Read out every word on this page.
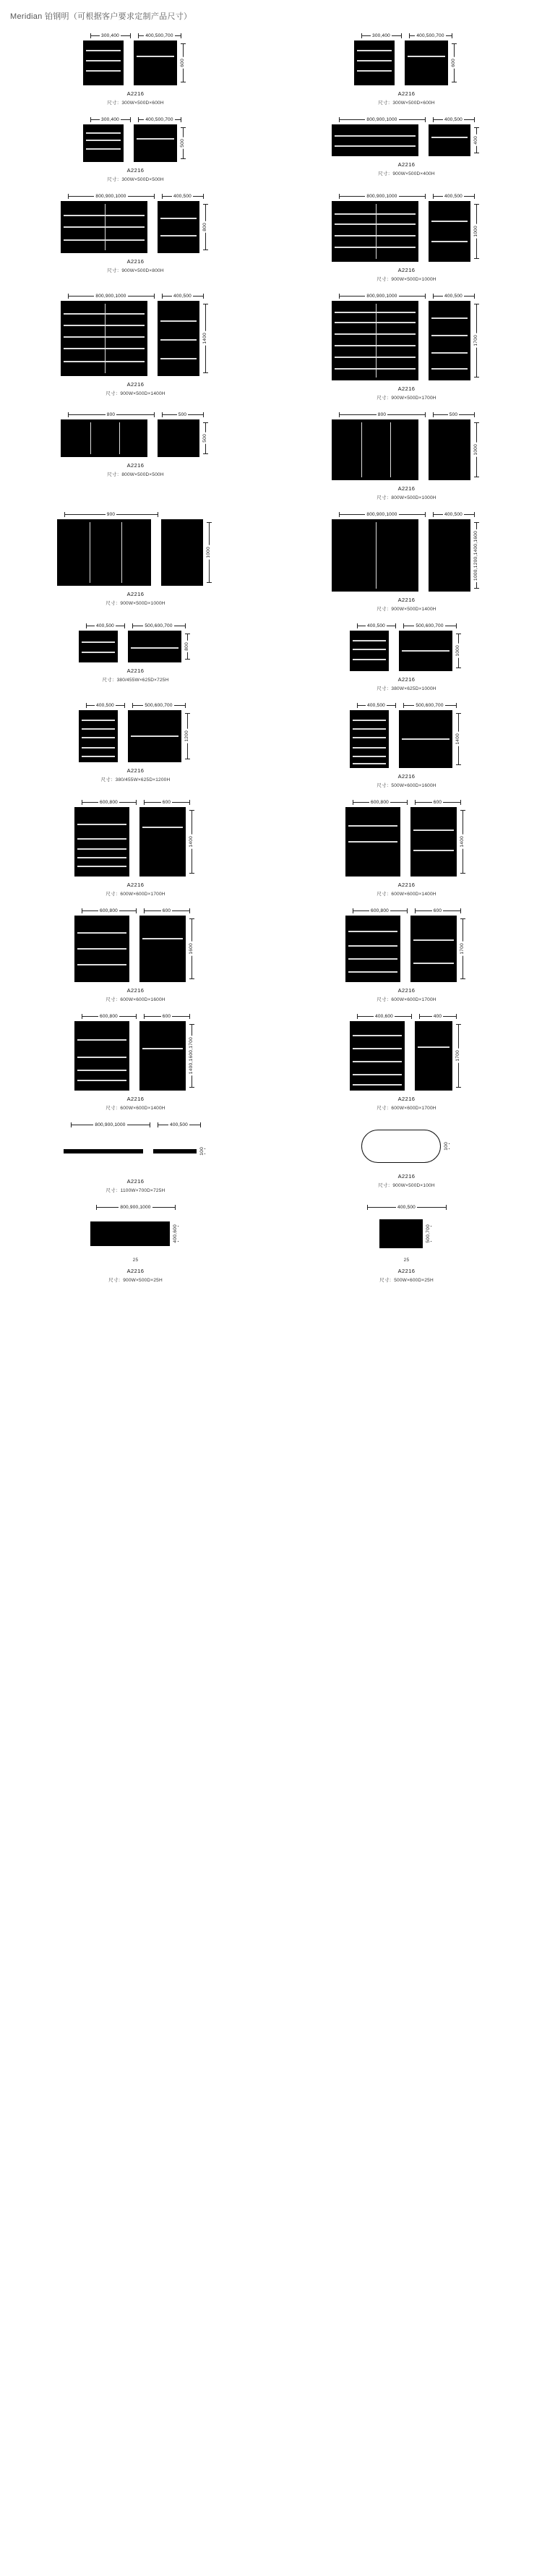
Meridian 铂钢明（可根据客户要求定制产品尺寸）
300,400	400,500,700
600
A2216
尺寸：300W×500D×600H
300,400	400,500,700
600
A2216
尺寸：300W×500D×600H
300,400	400,500,700
500
A2216
尺寸：300W×500D×500H
800,900,1000	400,500
400
A2216
尺寸：900W×500D×400H
800,900,1000	400,500
800
A2216
尺寸：900W×500D×800H
800,900,1000	400,500
1000
A2216
尺寸：900W×500D×1000H
800,900,1000	400,500
1400
A2216
尺寸：900W×500D×1400H
800,900,1000	400,500
1700
A2216
尺寸：900W×500D×1700H
800	500
500
A2216
尺寸：800W×500D×500H
800	500
1000
A2216
尺寸：800W×500D×1000H
900
1000
A2216
尺寸：900W×500D×1000H
800,900,1000	400,500
1000,1200,1400,1600
A2216
尺寸：900W×500D×1400H
400,500	500,600,700
800
A2216
尺寸：380/455W×625D×725H
400,500	500,600,700
1000
A2216
尺寸：380W×625D×1000H
400,500	500,600,700
1200
A2216
尺寸：380/455W×625D×1200H
400,500	500,600,700
1400
A2216
尺寸：500W×600D×1600H
600,800	600
1400
A2216
尺寸：600W×600D×1700H
600,800	600
1400
A2216
尺寸：600W×600D×1400H
600,800	600
1600
A2216
尺寸：600W×600D×1600H
600,800	600
1700
A2216
尺寸：600W×600D×1700H
600,800	600
1400,1600,1700
A2216
尺寸：600W×600D×1400H
400,600	400
1700
A2216
尺寸：600W×600D×1700H
800,900,1000	400,500
100
A2216
尺寸：1100W×700D×725H
100
A2216
尺寸：900W×500D×100H
800,900,1000
400,600
25
A2216
尺寸：900W×500D×25H
400,500
500,700
25
A2216
尺寸：500W×600D×25H
